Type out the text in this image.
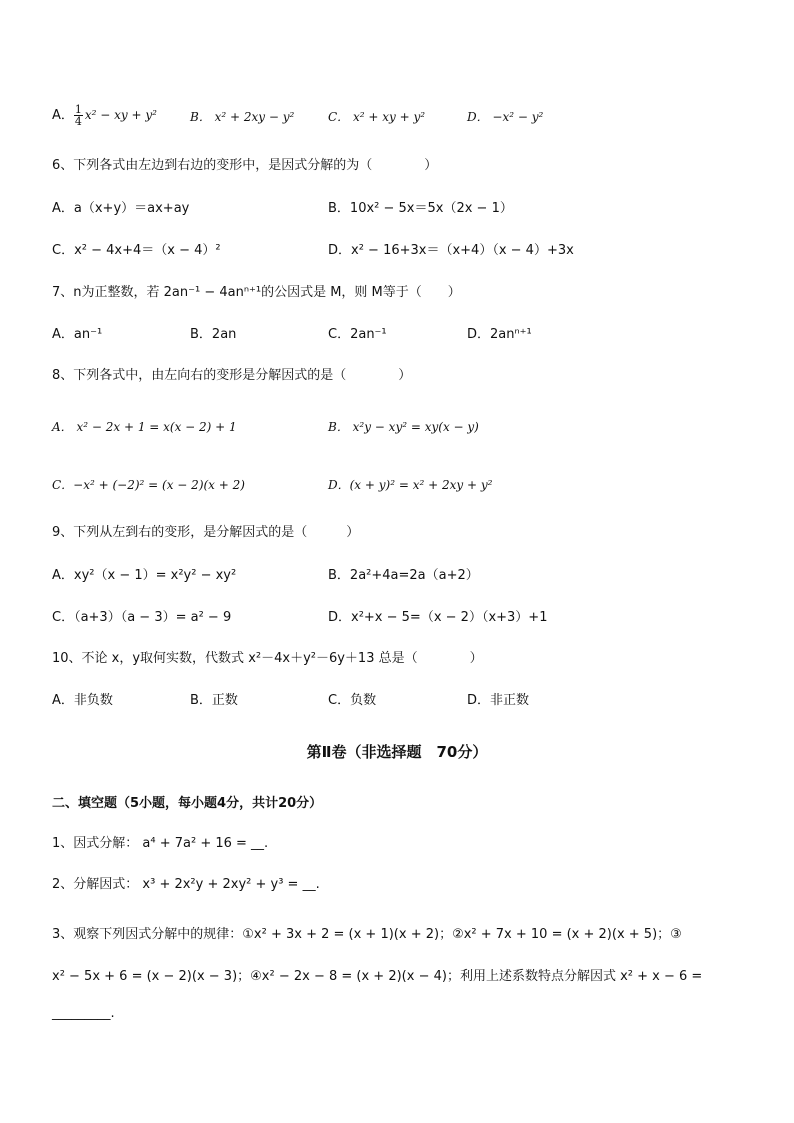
A． $\frac{1}{4} x^2$ − xy + y²	B． x² + 2xy − y²	C． x² + xy + y²	D． −x² − y²
6、下列各式由左边到右边的变形中，是因式分解的为（　　　　）
A．a（x+y）＝ax+ay	B．10x² − 5x＝5x（2x − 1）
C．x² − 4x+4＝（x − 4）²	D．x² − 16+3x＝（x+4）（x − 4）+3x
7、n为正整数，若 2an⁻¹ − 4anⁿ⁺¹的公因式是 M，则 M等于（　　）
A．an⁻¹	B．2an	C．2an⁻¹	D．2anⁿ⁺¹
8、下列各式中，由左向右的变形是分解因式的是（　　　　）
A． x² − 2x + 1 = x(x − 2) + 1	B． x²y − xy² = xy(x − y)
C．−x² + (−2)² = (x − 2)(x + 2)	D．(x + y)² = x² + 2xy + y²
9、下列从左到右的变形，是分解因式的是（　　　）
A．xy²（x − 1）= x²y² − xy²	B．2a²+4a=2a（a+2）
C．（a+3）（a − 3）= a² − 9	D．x²+x − 5=（x − 2）（x+3）+1
10、不论 x，y取何实数，代数式 x²－4x＋y²－6y＋13 总是（　　　　）
A．非负数	B．正数	C．负数	D．非正数
第Ⅱ卷（非选择题　70分）
二、填空题（5小题，每小题4分，共计20分）
1、因式分解： a⁴ + 7a² + 16 = __.
2、分解因式： x³ + 2x²y + 2xy² + y³ = __.
3、观察下列因式分解中的规律：①x² + 3x + 2 = (x + 1)(x + 2)；②x² + 7x + 10 = (x + 2)(x + 5)；③
x² − 5x + 6 = (x − 2)(x − 3)；④x² − 2x − 8 = (x + 2)(x − 4)；利用上述系数特点分解因式 x² + x − 6 =
_________.
